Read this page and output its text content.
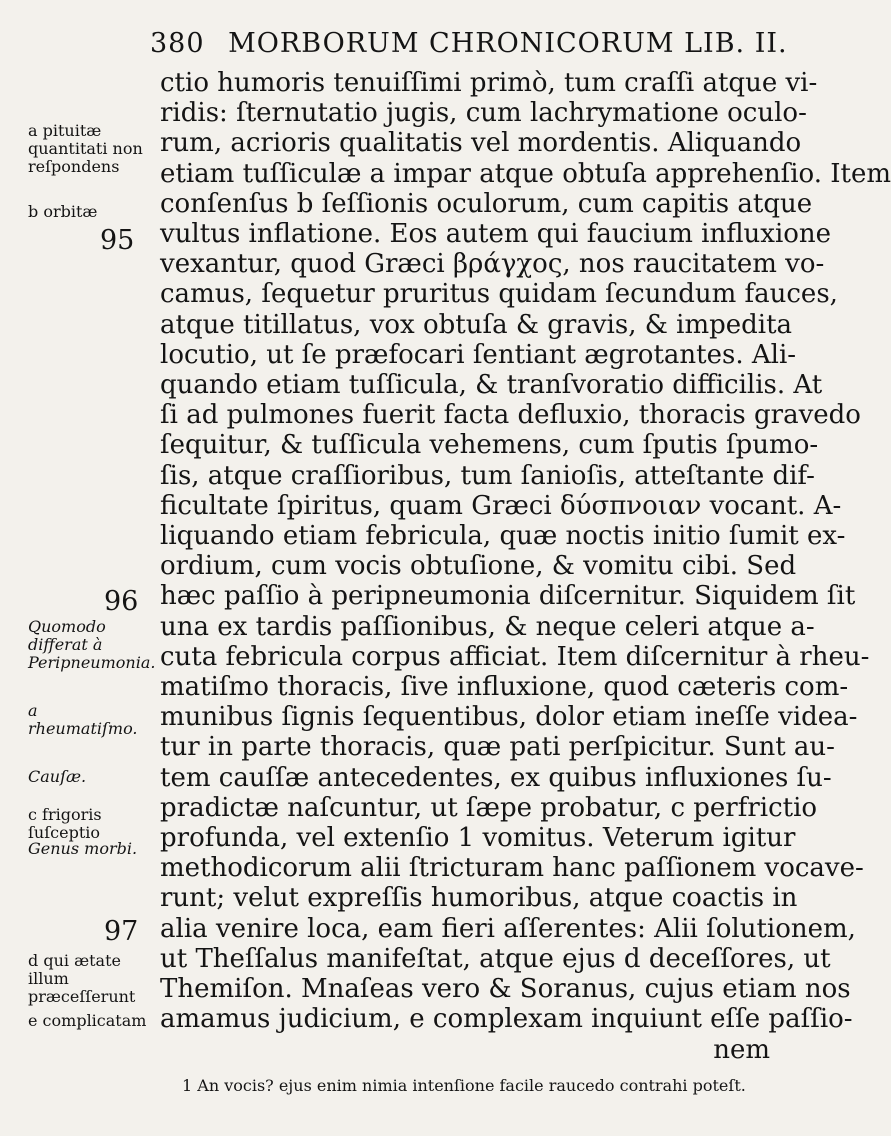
380 MORBORUM CHRONICORUM LIB. II.
95
96
97
a pituitæ quantitati non reſpondens
b orbitæ
Quomodo differat à Peripneumonia.
a rheumatiſmo.
Cauſæ.
c frigoris ſuſceptio
Genus morbi.
d qui ætate illum præceſſerunt
e complicatam
ctio humoris tenuiſſimi primò, tum craſſi atque vi-
ridis: ſternutatio jugis, cum lachrymatione oculo-
rum, acrioris qualitatis vel mordentis. Aliquando
etiam tuſſiculæ a impar atque obtuſa apprehenſio. Item
conſenſus b ſeſſionis oculorum, cum capitis atque
vultus inflatione. Eos autem qui faucium influxione
vexantur, quod Græci βράγχος, nos raucitatem vo-
camus, ſequetur pruritus quidam ſecundum fauces,
atque titillatus, vox obtuſa & gravis, & impedita
locutio, ut ſe præfocari ſentiant ægrotantes. Ali-
quando etiam tuſſicula, & tranſvoratio difficilis. At
ſi ad pulmones fuerit facta defluxio, thoracis gravedo
ſequitur, & tuſſicula vehemens, cum ſputis ſpumo-
ſis, atque craſſioribus, tum ſanioſis, atteſtante dif-
ficultate ſpiritus, quam Græci δύσπνοιαν vocant. A-
liquando etiam febricula, quæ noctis initio ſumit ex-
ordium, cum vocis obtuſione, & vomitu cibi. Sed
hæc paſſio à peripneumonia diſcernitur. Siquidem ſit
una ex tardis paſſionibus, & neque celeri atque a-
cuta febricula corpus afficiat. Item diſcernitur à rheu-
matiſmo thoracis, ſive influxione, quod cæteris com-
munibus ſignis ſequentibus, dolor etiam ineſſe videa-
tur in parte thoracis, quæ pati perſpicitur. Sunt au-
tem cauſſæ antecedentes, ex quibus influxiones ſu-
pradictæ naſcuntur, ut ſæpe probatur, c perfrictio
profunda, vel extenſio 1 vomitus. Veterum igitur
methodicorum alii ſtricturam hanc paſſionem vocave-
runt; velut expreſſis humoribus, atque coactis in
alia venire loca, eam fieri aſſerentes: Alii ſolutionem,
ut Theſſalus manifeſtat, atque ejus d deceſſores, ut
Themiſon. Mnaſeas vero & Soranus, cujus etiam nos
amamus judicium, e complexam inquiunt eſſe paſſio-
nem
1 An vocis? ejus enim nimia intenſione facile raucedo contrahi poteſt.
